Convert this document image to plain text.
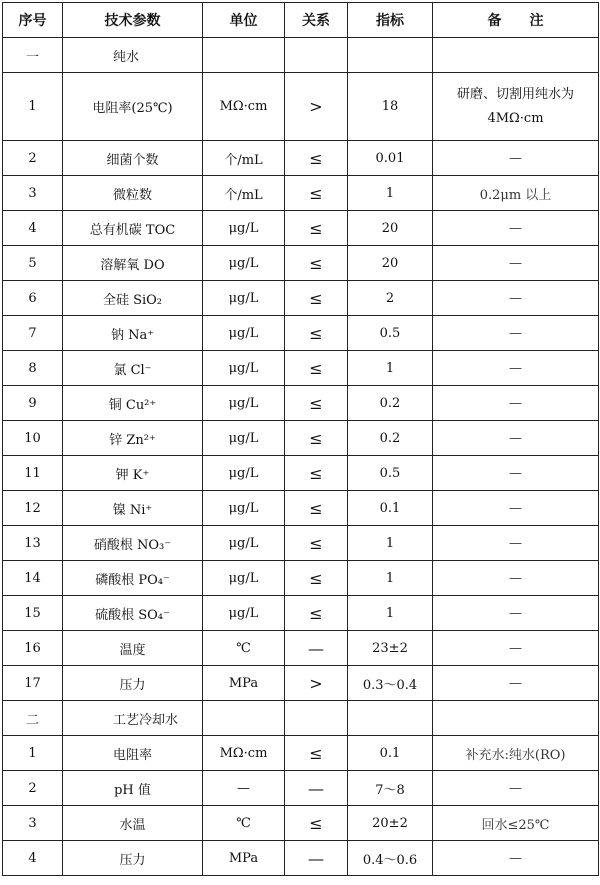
序号	技术参数	单位	关系	指标	备　　注
一	纯水				
1	电阻率(25℃)	MΩ·cm	>	18	研磨、切割用纯水为4MΩ·cm
2	细菌个数	个/mL	≤	0.01	—
3	微粒数	个/mL	≤	1	0.2μm 以上
4	总有机碳 TOC	μg/L	≤	20	—
5	溶解氧 DO	μg/L	≤	20	—
6	全硅 SiO₂	μg/L	≤	2	—
7	钠 Na⁺	μg/L	≤	0.5	—
8	氯 Cl⁻	μg/L	≤	1	—
9	铜 Cu²⁺	μg/L	≤	0.2	—
10	锌 Zn²⁺	μg/L	≤	0.2	—
11	钾 K⁺	μg/L	≤	0.5	—
12	镍 Ni⁺	μg/L	≤	0.1	—
13	硝酸根 NO₃⁻	μg/L	≤	1	—
14	磷酸根 PO₄⁻	μg/L	≤	1	—
15	硫酸根 SO₄⁻	μg/L	≤	1	—
16	温度	℃	—	23±2	—
17	压力	MPa	>	0.3～0.4	—
二	工艺冷却水				
1	电阻率	MΩ·cm	≤	0.1	补充水:纯水(RO)
2	pH 值	—	—	7～8	—
3	水温	℃	≤	20±2	回水≤25℃
4	压力	MPa	—	0.4～0.6	—
